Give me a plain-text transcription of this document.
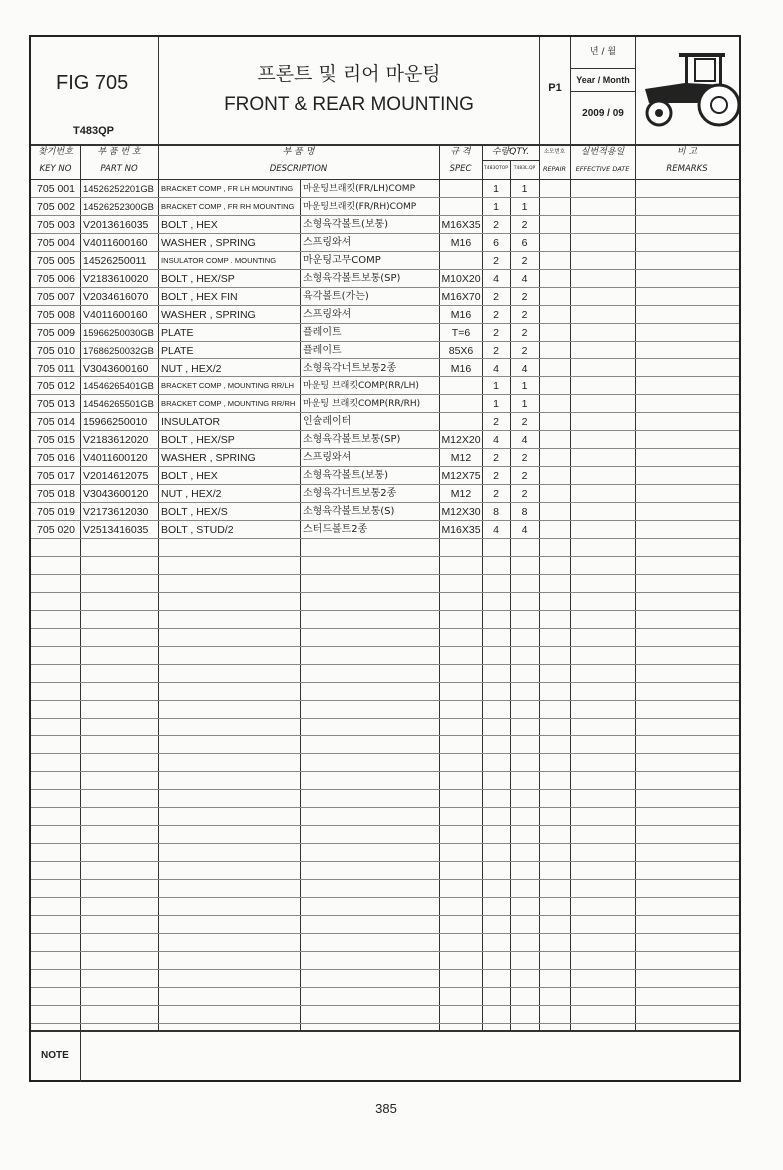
FIG 705
T483QP
프론트 및 리어 마운팅
FRONT & REAR MOUNTING
P1
년 / 월
Year / Month
2009 / 09
찾기번호
KEY NO
부 품 번 호
PART NO
부 품 명
DESCRIPTION
규 격
SPEC
수량QTY.
T483QTOP	T483L.QP
소모번호
REPAIR
실번적용일
EFFECTIVE DATE
비 고
REMARKS
705 001 14526252201GB BRACKET COMP , FR LH MOUNTING	마운팅브래킷(FR/LH)COMP	1	1
705 002 14526252300GB BRACKET COMP , FR RH MOUNTING 마운팅브래킷(FR/RH)COMP	1	1
705 003 V2013616035	BOLT , HEX	소형육각볼트(보통)	M16X35	2	2
705 004 V4011600160	WASHER , SPRING	스프링와셔	M16	6	6
705 005 14526250011	INSULATOR COMP . MOUNTING	마운팅고무COMP	2	2
705 006 V2183610020	BOLT , HEX/SP	소형육각볼트보통(SP)	M10X20	4	4
705 007 V2034616070	BOLT , HEX FIN	육각볼트(가는)	M16X70	2	2
705 008 V4011600160	WASHER , SPRING	스프링와셔	M16	2	2
705 009 15966250030GB PLATE	플레이트	T=6	2	2
705 010 17686250032GB PLATE	플레이트	85X6	2	2
705 011 V3043600160	NUT , HEX/2	소형육각너트보통2종	M16	4	4
705 012 14546265401GB BRACKET COMP , MOUNTING RR/LH 마운팅 브래킷COMP(RR/LH)	1	1
705 013 14546265501GB BRACKET COMP , MOUNTING RR/RH 마운팅 브래킷COMP(RR/RH)	1	1
705 014 15966250010	INSULATOR	인슐레이터	2	2
705 015 V2183612020	BOLT , HEX/SP	소형육각볼트보통(SP)	M12X20	4	4
705 016 V4011600120	WASHER , SPRING	스프링와셔	M12	2	2
705 017 V2014612075	BOLT , HEX	소형육각볼트(보통)	M12X75	2	2
705 018 V3043600120	NUT , HEX/2	소형육각너트보통2종	M12	2	2
705 019 V2173612030	BOLT , HEX/S	소형육각볼트보통(S)	M12X30	8	8
705 020 V2513416035	BOLT , STUD/2	스터드볼트2종	M16X35	4	4
NOTE
385
